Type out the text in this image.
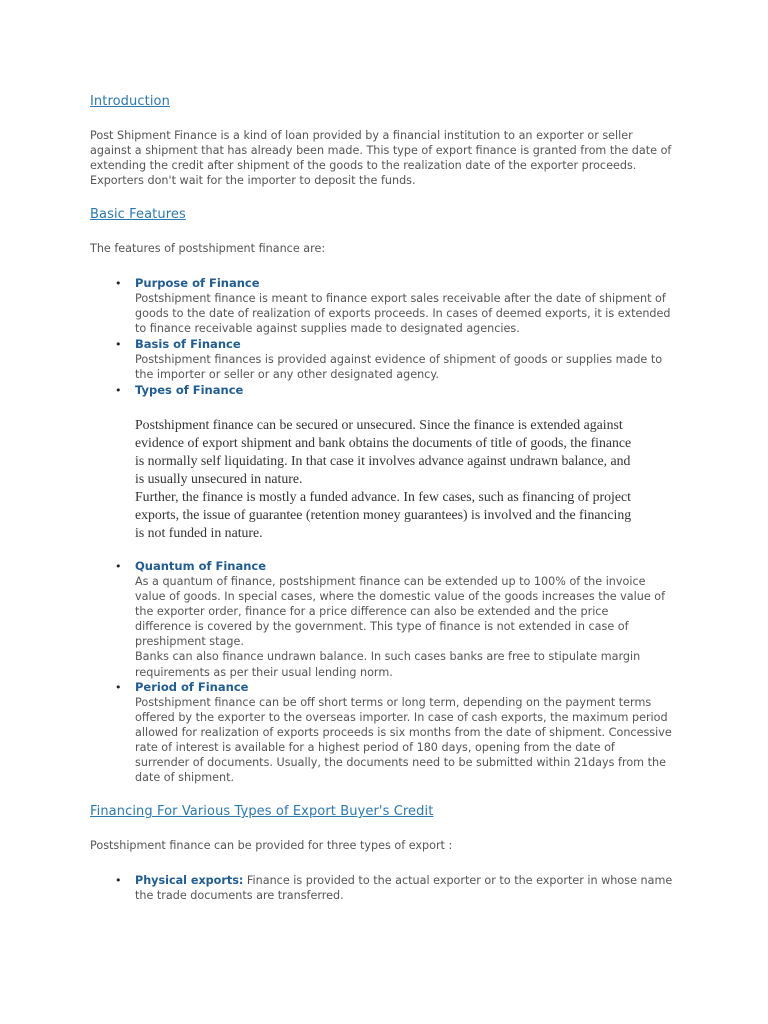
Introduction
Post Shipment Finance is a kind of loan provided by a financial institution to an exporter or seller
against a shipment that has already been made. This type of export finance is granted from the date of
extending the credit after shipment of the goods to the realization date of the exporter proceeds.
Exporters don't wait for the importer to deposit the funds.
Basic Features

The features of postshipment finance are:

• Purpose of Finance
Postshipment finance is meant to finance export sales receivable after the date of shipment of
goods to the date of realization of exports proceeds. In cases of deemed exports, it is extended
to finance receivable against supplies made to designated agencies.
• Basis of Finance
Postshipment finances is provided against evidence of shipment of goods or supplies made to
the importer or seller or any other designated agency.
• Types of Finance
Postshipment finance can be secured or unsecured. Since the finance is extended against
evidence of export shipment and bank obtains the documents of title of goods, the finance
is normally self liquidating. In that case it involves advance against undrawn balance, and
is usually unsecured in nature.
Further, the finance is mostly a funded advance. In few cases, such as financing of project
exports, the issue of guarantee (retention money guarantees) is involved and the financing
is not funded in nature.
• Quantum of Finance
As a quantum of finance, postshipment finance can be extended up to 100% of the invoice
value of goods. In special cases, where the domestic value of the goods increases the value of
the exporter order, finance for a price difference can also be extended and the price
difference is covered by the government. This type of finance is not extended in case of
preshipment stage.
Banks can also finance undrawn balance. In such cases banks are free to stipulate margin
requirements as per their usual lending norm.
• Period of Finance
Postshipment finance can be off short terms or long term, depending on the payment terms
offered by the exporter to the overseas importer. In case of cash exports, the maximum period
allowed for realization of exports proceeds is six months from the date of shipment. Concessive
rate of interest is available for a highest period of 180 days, opening from the date of
surrender of documents. Usually, the documents need to be submitted within 21days from the
date of shipment.
Financing For Various Types of Export Buyer's Credit

Postshipment finance can be provided for three types of export :

• Physical exports: Finance is provided to the actual exporter or to the exporter in whose name
the trade documents are transferred.
